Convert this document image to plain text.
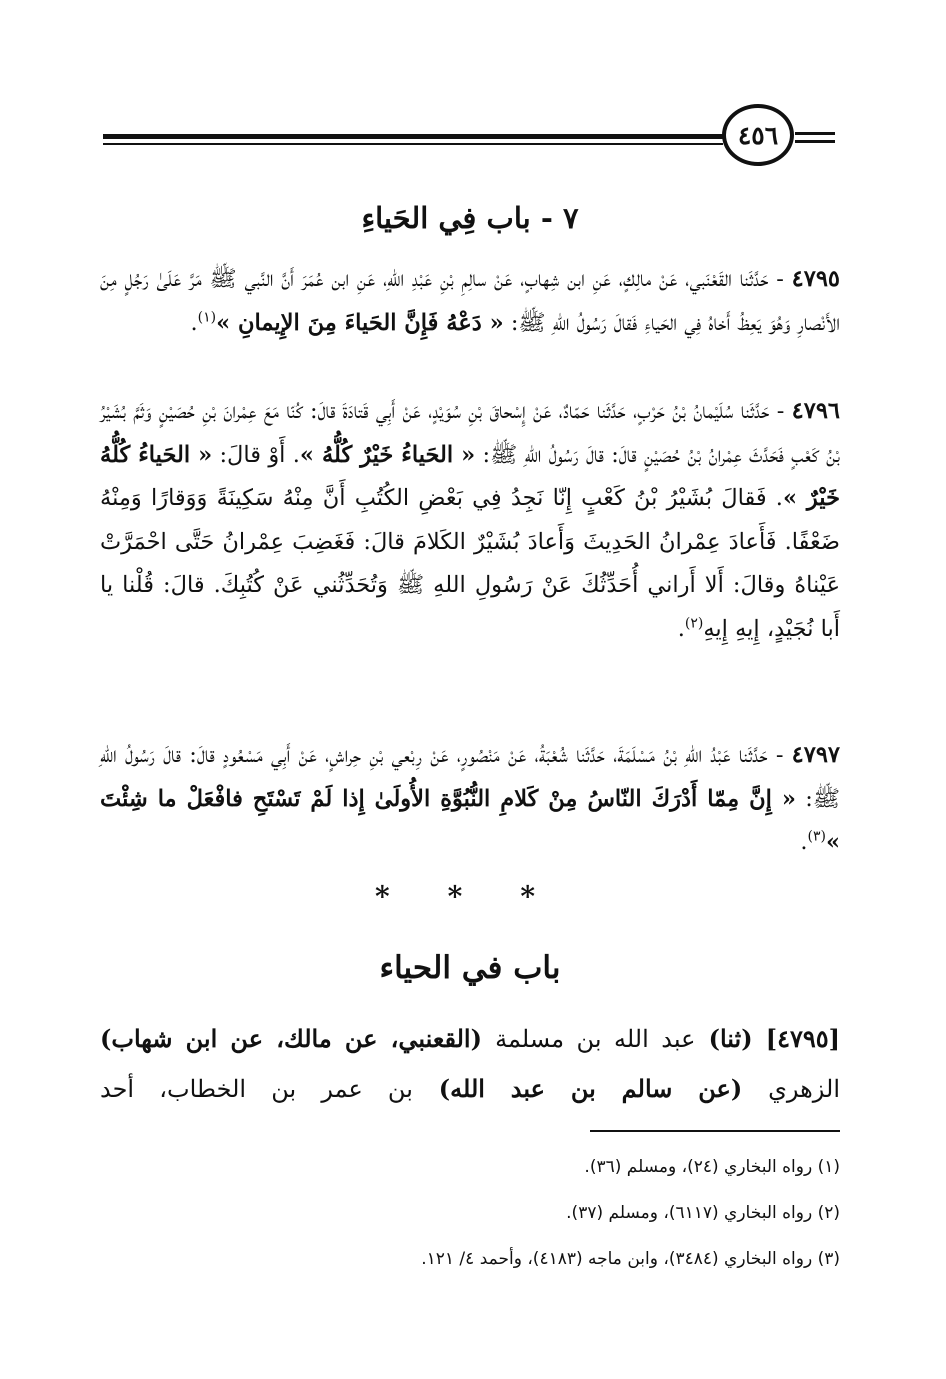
٤٥٦
٧ - باب فِي الحَياءِ

٤٧٩٥ - حَدَّثَنا القَعْنَبي، عَنْ مالِكٍ، عَنِ ابن شِهابٍ، عَنْ سالِمِ بْنِ عَبْدِ اللهِ، عَنِ ابن عُمَرَ أَنَّ النَّبي ﷺ مَرَّ عَلَىٰ رَجُلٍ مِنَ الأَنْصارِ وَهُوَ يَعِظُ أَخاهُ فِي الحَياءِ فَقالَ رَسُولُ اللهِ ﷺ: « دَعْهُ فَإِنَّ الحَياءَ مِنَ الإِيمانِ »$^{(١)}$.

٤٧٩٦ - حَدَّثَنا سُلَيْمانُ بْنُ حَرْبٍ، حَدَّثَنا حَمّادٌ، عَنْ إِسْحاقَ بْنِ سُوَيْدٍ، عَنْ أَبِي قَتادَةَ قالَ: كُنّا مَعَ عِمْرانَ بْنِ حُصَيْنٍ وَثَمَّ بُشَيْرُ بْنُ كَعْبٍ فَحَدَّثَ عِمْرانُ بْنُ حُصَيْنٍ قالَ: قالَ رَسُولُ اللهِ ﷺ: « الحَياءُ خَيْرٌ كُلُّهُ ». أَوْ قالَ: « الحَياءُ كُلُّهُ خَيْرٌ ». فَقالَ بُشَيْرُ بْنُ كَعْبٍ إِنّا نَجِدُ فِي بَعْضِ الكُتُبِ أَنَّ مِنْهُ سَكِينَةً وَوَقارًا وَمِنْهُ ضَعْفًا. فَأَعادَ عِمْرانُ الحَدِيثَ وَأَعادَ بُشَيْرٌ الكَلامَ قالَ: فَغَضِبَ عِمْرانُ حَتَّى احْمَرَّتْ عَيْناهُ وقالَ: أَلا أَراني أُحَدِّثُكَ عَنْ رَسُولِ اللهِ ﷺ وَتُحَدِّثُني عَنْ كُتُبِكَ. قالَ: قُلْنا يا أَبا نُجَيْدٍ، إِيهِ إِيهِ$^{(٢)}$.

٤٧٩٧ - حَدَّثَنا عَبْدُ اللهِ بْنُ مَسْلَمَةَ، حَدَّثَنا شُعْبَةُ، عَنْ مَنْصُورٍ، عَنْ رِبْعي بْنِ حِراشٍ، عَنْ أَبِي مَسْعُودٍ قالَ: قالَ رَسُولُ اللهِ ﷺ: « إِنَّ مِمّا أَدْرَكَ النّاسُ مِنْ كَلامِ النُّبُوَّةِ الأُولَىٰ إِذا لَمْ تَسْتَحِ فافْعَلْ ما شِئْتَ »$^{(٣)}$.

***

باب في الحياء

[٤٧٩٥] (ثنا) عبد الله بن مسلمة (القعنبي، عن مالك، عن ابن شهاب) الزهري (عن سالم بن عبد الله) بن عمر بن الخطاب، أحد

(١) رواه البخاري (٢٤)، ومسلم (٣٦).
(٢) رواه البخاري (٦١١٧)، ومسلم (٣٧).
(٣) رواه البخاري (٣٤٨٤)، وابن ماجه (٤١٨٣)، وأحمد ٤/ ١٢١.
